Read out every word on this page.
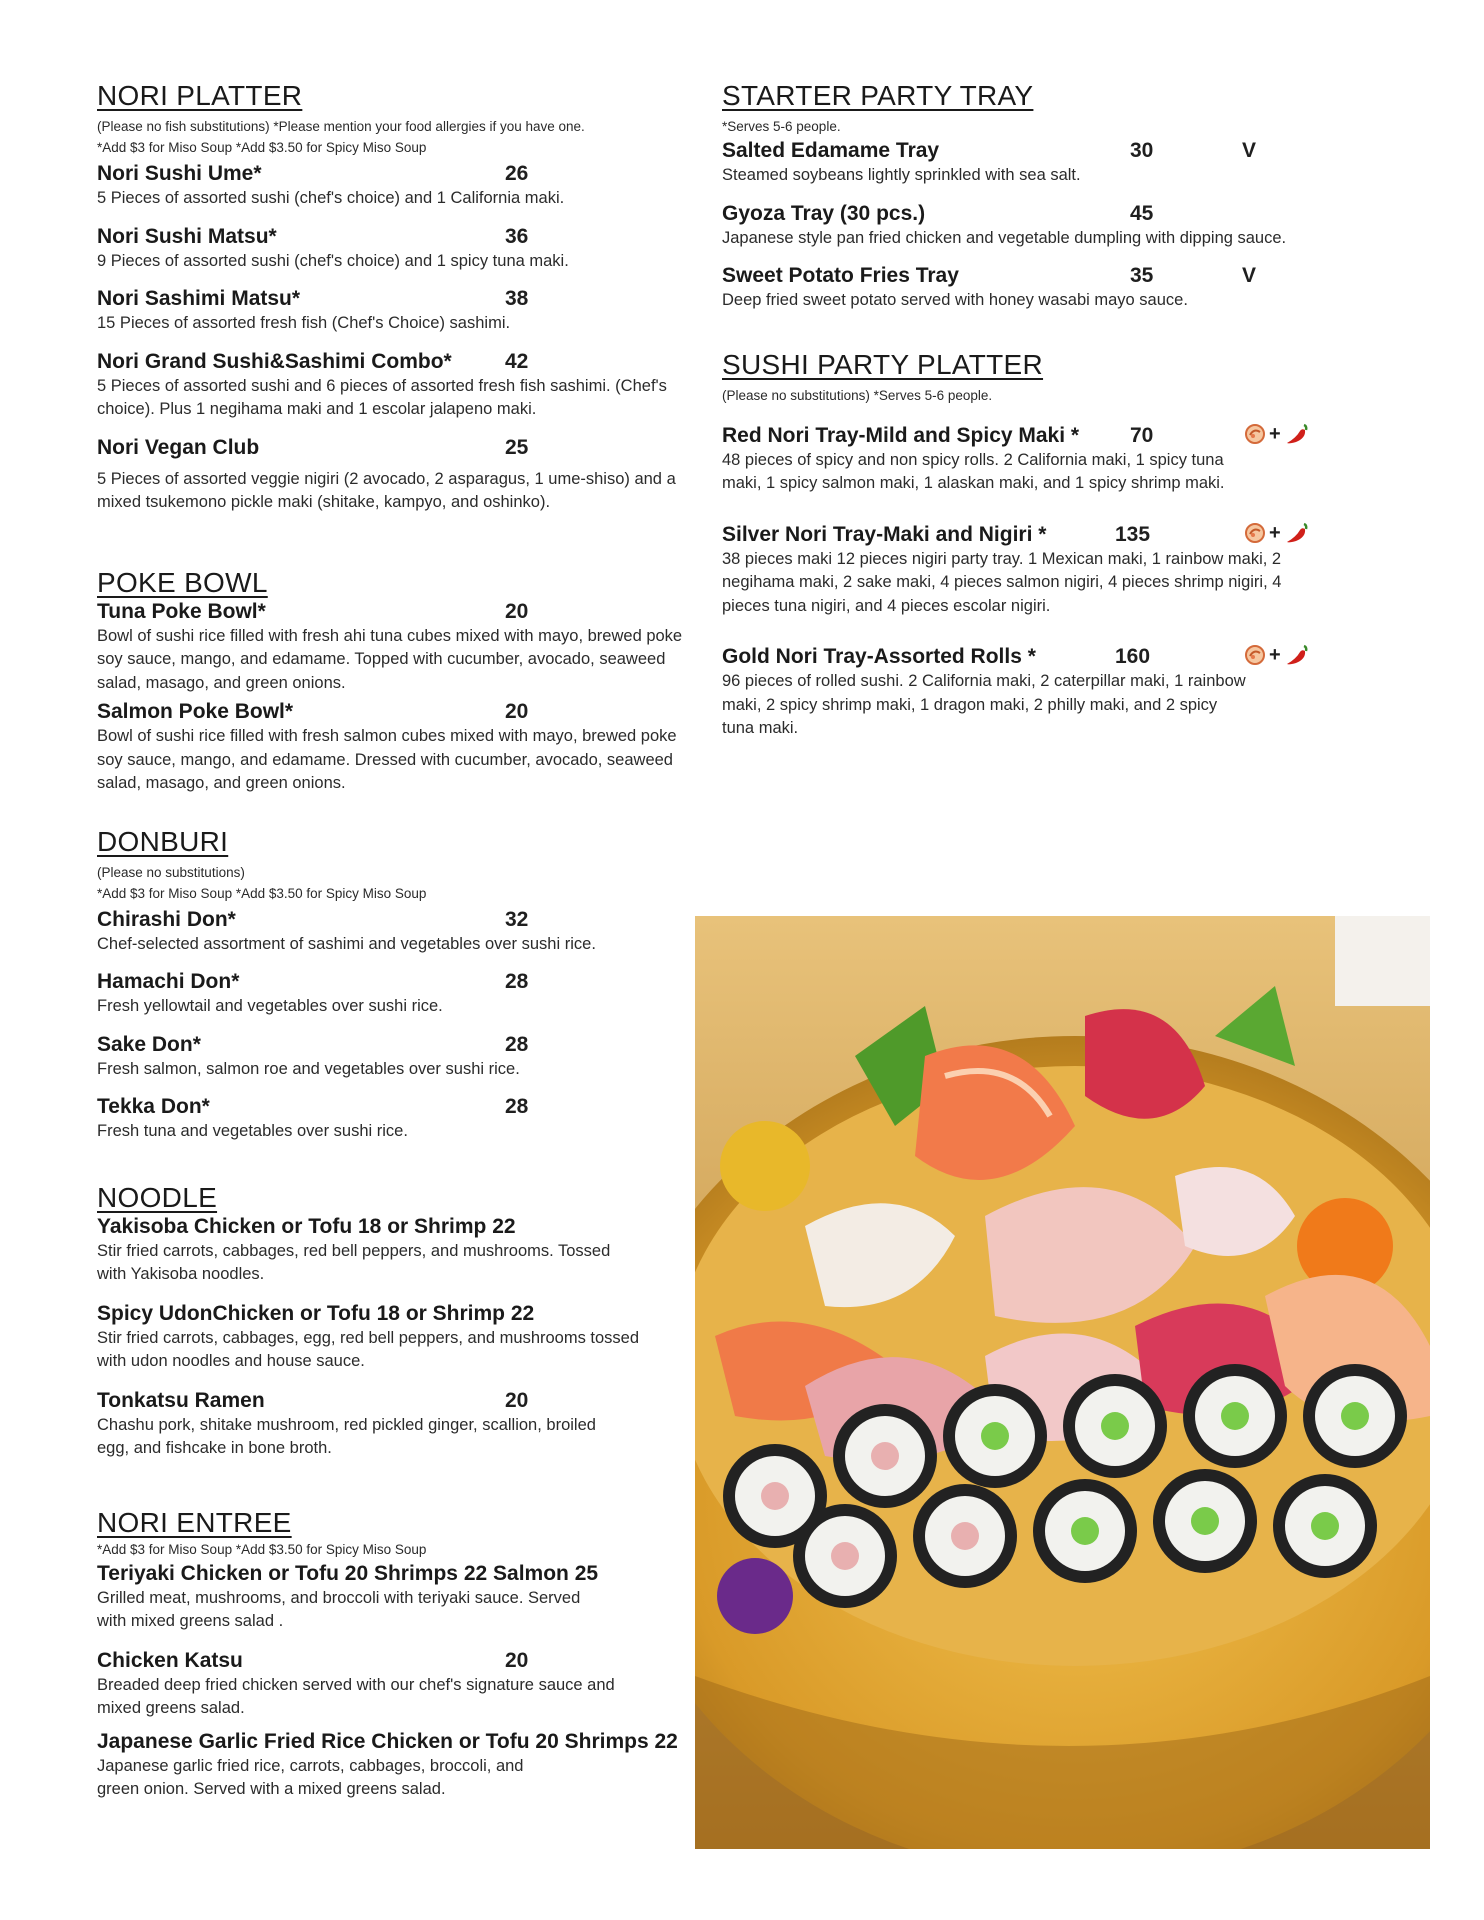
NORI PLATTER
(Please no fish substitutions) *Please mention your food allergies if you have one.
*Add $3 for Miso Soup *Add $3.50 for Spicy Miso Soup
Nori Sushi Ume*	26
5 Pieces of assorted sushi (chef's choice) and 1 California maki.
Nori Sushi Matsu*	36
9 Pieces of assorted sushi (chef's choice) and 1 spicy tuna maki.
Nori Sashimi Matsu*	38
15 Pieces of assorted fresh fish (Chef's Choice) sashimi.
Nori Grand Sushi&Sashimi Combo*	42
5 Pieces of assorted sushi and 6 pieces of assorted fresh fish sashimi. (Chef's choice). Plus 1 negihama maki and 1 escolar jalapeno maki.
Nori Vegan Club	25
5 Pieces of assorted veggie nigiri (2 avocado, 2 asparagus, 1 ume-shiso) and a mixed tsukemono pickle maki (shitake, kampyo, and oshinko).
POKE BOWL
Tuna Poke Bowl*	20
Bowl of sushi rice filled with fresh ahi tuna cubes mixed with mayo, brewed poke soy sauce, mango, and edamame. Topped with cucumber, avocado, seaweed salad, masago, and green onions.
Salmon Poke Bowl*	20
Bowl of sushi rice filled with fresh salmon cubes mixed with mayo, brewed poke soy sauce, mango, and edamame. Dressed with cucumber, avocado, seaweed salad, masago, and green onions.
DONBURI
(Please no substitutions)
*Add $3 for Miso Soup *Add $3.50 for Spicy Miso Soup
Chirashi Don*	32
Chef-selected assortment of sashimi and vegetables over sushi rice.
Hamachi Don*	28
Fresh yellowtail and vegetables over sushi rice.
Sake Don*	28
Fresh salmon, salmon roe and vegetables over sushi rice.
Tekka Don*	28
Fresh tuna and vegetables over sushi rice.
NOODLE
Yakisoba Chicken or Tofu 18 or Shrimp 22
Stir fried carrots, cabbages, red bell peppers, and mushrooms. Tossed with Yakisoba noodles.
Spicy UdonChicken or Tofu 18 or Shrimp 22
Stir fried carrots, cabbages, egg, red bell peppers, and mushrooms tossed with udon noodles and house sauce.
Tonkatsu Ramen	20
Chashu pork, shitake mushroom, red pickled ginger, scallion, broiled egg, and fishcake in bone broth.
NORI ENTREE
*Add $3 for Miso Soup *Add $3.50 for Spicy Miso Soup
Teriyaki Chicken or Tofu 20 Shrimps 22 Salmon 25
Grilled meat, mushrooms, and broccoli with teriyaki sauce. Served with mixed greens salad .
Chicken Katsu	20
Breaded deep fried chicken served with our chef's signature sauce and mixed greens salad.
Japanese Garlic Fried Rice Chicken or Tofu 20 Shrimps 22
Japanese garlic fried rice, carrots, cabbages, broccoli, and green onion. Served with a mixed greens salad.
STARTER PARTY TRAY
*Serves 5-6 people.
Salted Edamame Tray	30	V
Steamed soybeans lightly sprinkled with sea salt.
Gyoza Tray (30 pcs.)	45
Japanese style pan fried chicken and vegetable dumpling with dipping sauce.
Sweet Potato Fries Tray	35	V
Deep fried sweet potato served with honey wasabi mayo sauce.
SUSHI PARTY PLATTER
(Please no substitutions) *Serves 5-6 people.
Red Nori Tray-Mild and Spicy Maki * 70	+
48 pieces of spicy and non spicy rolls. 2 California maki, 1 spicy tuna maki, 1 spicy salmon maki, 1 alaskan maki, and 1 spicy shrimp maki.
Silver Nori Tray-Maki and Nigiri *	135	+
38 pieces maki 12 pieces nigiri party tray. 1 Mexican maki, 1 rainbow maki, 2 negihama maki, 2 sake maki, 4 pieces salmon nigiri, 4 pieces shrimp nigiri, 4 pieces tuna nigiri, and 4 pieces escolar nigiri.
Gold Nori Tray-Assorted Rolls *	160	+
96 pieces of rolled sushi. 2 California maki, 2 caterpillar maki, 1 rainbow maki, 2 spicy shrimp maki, 1 dragon maki, 2 philly maki, and 2 spicy tuna maki.
